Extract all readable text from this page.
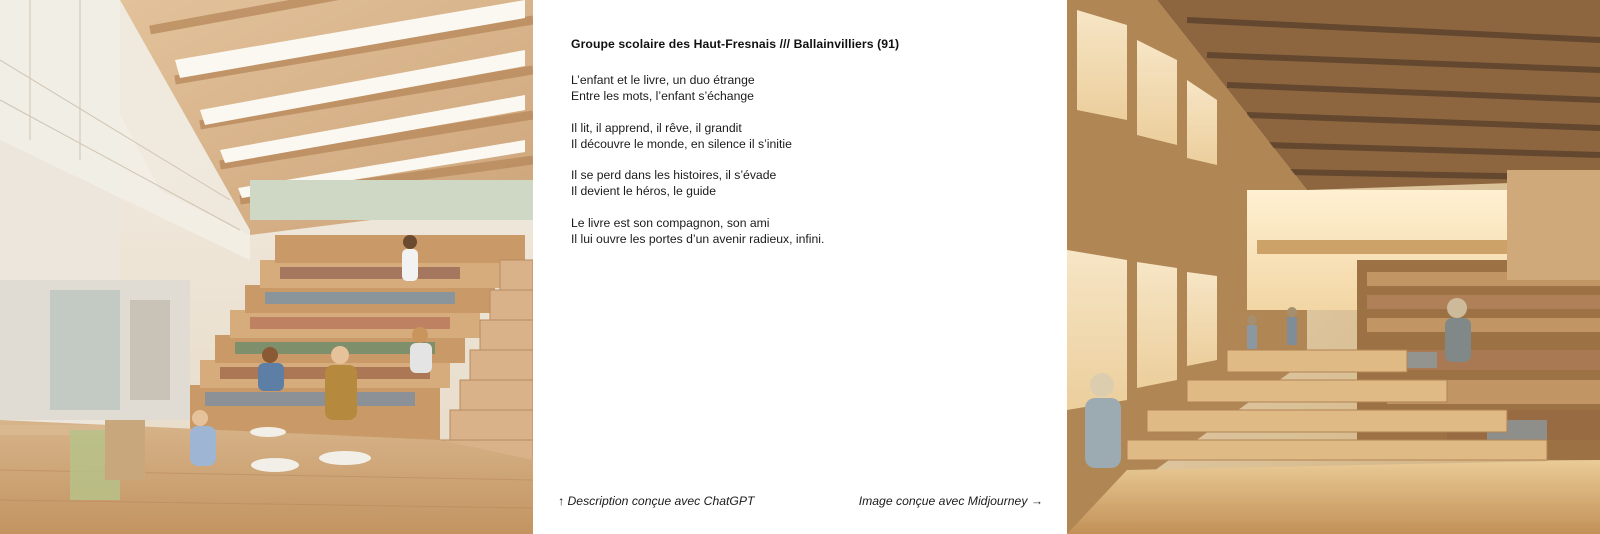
Groupe scolaire des Haut-Fresnais /// Ballainvilliers (91)
L’enfant et le livre, un duo étrange
Entre les mots, l’enfant s’échange
Il lit, il apprend, il rêve, il grandit
Il découvre le monde, en silence il s’initie
Il se perd dans les histoires, il s’évade
Il devient le héros, le guide
Le livre est son compagnon, son ami
Il lui ouvre les portes d’un avenir radieux, infini.
↑ Description conçue avec ChatGPT	Image conçue avec Midjourney →
